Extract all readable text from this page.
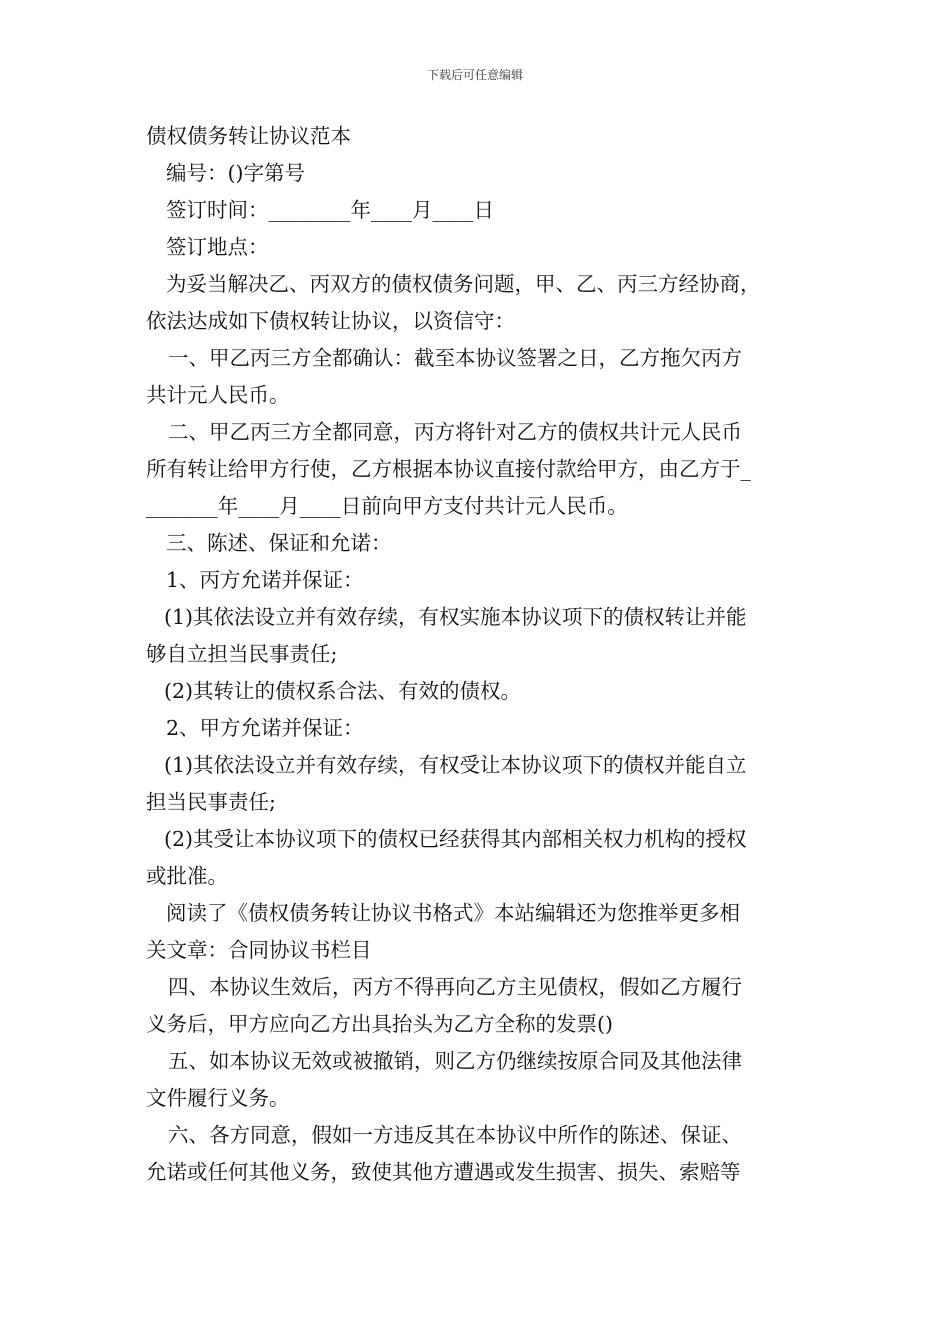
下载后可任意编辑

债权债务转让协议范本

编号：()字第号

签订时间：________年____月____日

签订地点：

为妥当解决乙、丙双方的债权债务问题，甲、乙、丙三方经协商，

依法达成如下债权转让协议，以资信守：

一、甲乙丙三方全都确认：截至本协议签署之日，乙方拖欠丙方

共计元人民币。

二、甲乙丙三方全都同意，丙方将针对乙方的债权共计元人民币

所有转让给甲方行使，乙方根据本协议直接付款给甲方，由乙方于_

_______年____月____日前向甲方支付共计元人民币。

三、陈述、保证和允诺：

1、丙方允诺并保证：

(1)其依法设立并有效存续，有权实施本协议项下的债权转让并能

够自立担当民事责任;

(2)其转让的债权系合法、有效的债权。

2、甲方允诺并保证：

(1)其依法设立并有效存续，有权受让本协议项下的债权并能自立

担当民事责任;

(2)其受让本协议项下的债权已经获得其内部相关权力机构的授权

或批准。

阅读了《债权债务转让协议书格式》本站编辑还为您推举更多相

关文章：合同协议书栏目

四、本协议生效后，丙方不得再向乙方主见债权，假如乙方履行

义务后，甲方应向乙方出具抬头为乙方全称的发票()

五、如本协议无效或被撤销，则乙方仍继续按原合同及其他法律

文件履行义务。

六、各方同意，假如一方违反其在本协议中所作的陈述、保证、

允诺或任何其他义务，致使其他方遭遇或发生损害、损失、索赔等
